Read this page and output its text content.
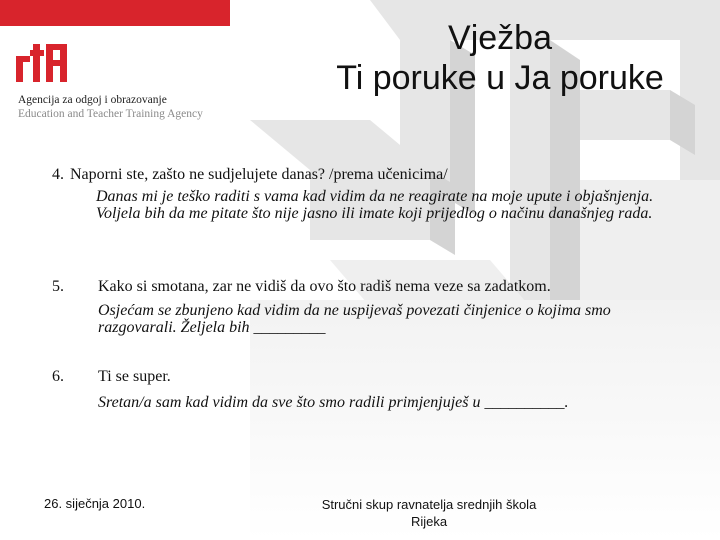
Agencija za odgoj i obrazovanje
Education and Teacher Training Agency
Vježba
Ti poruke u Ja poruke
4. Naporni ste, zašto ne sudjelujete danas? /prema učenicima/
Danas mi je teško raditi s vama kad vidim da ne reagirate na moje upute i objašnjenja. Voljela bih da me pitate što nije jasno ili imate koji prijedlog o načinu današnjeg rada.
5. Kako si smotana, zar ne vidiš da ovo što radiš nema veze sa zadatkom.
Osjećam se zbunjeno kad vidim da ne uspijevaš povezati činjenice o kojima smo razgovarali. Željela bih _________
6. Ti se super.
Sretan/a sam kad vidim da sve što smo radili primjenjuješ u __________.
26. siječnja 2010.	Stručni skup ravnatelja srednjih škola
Rijeka
